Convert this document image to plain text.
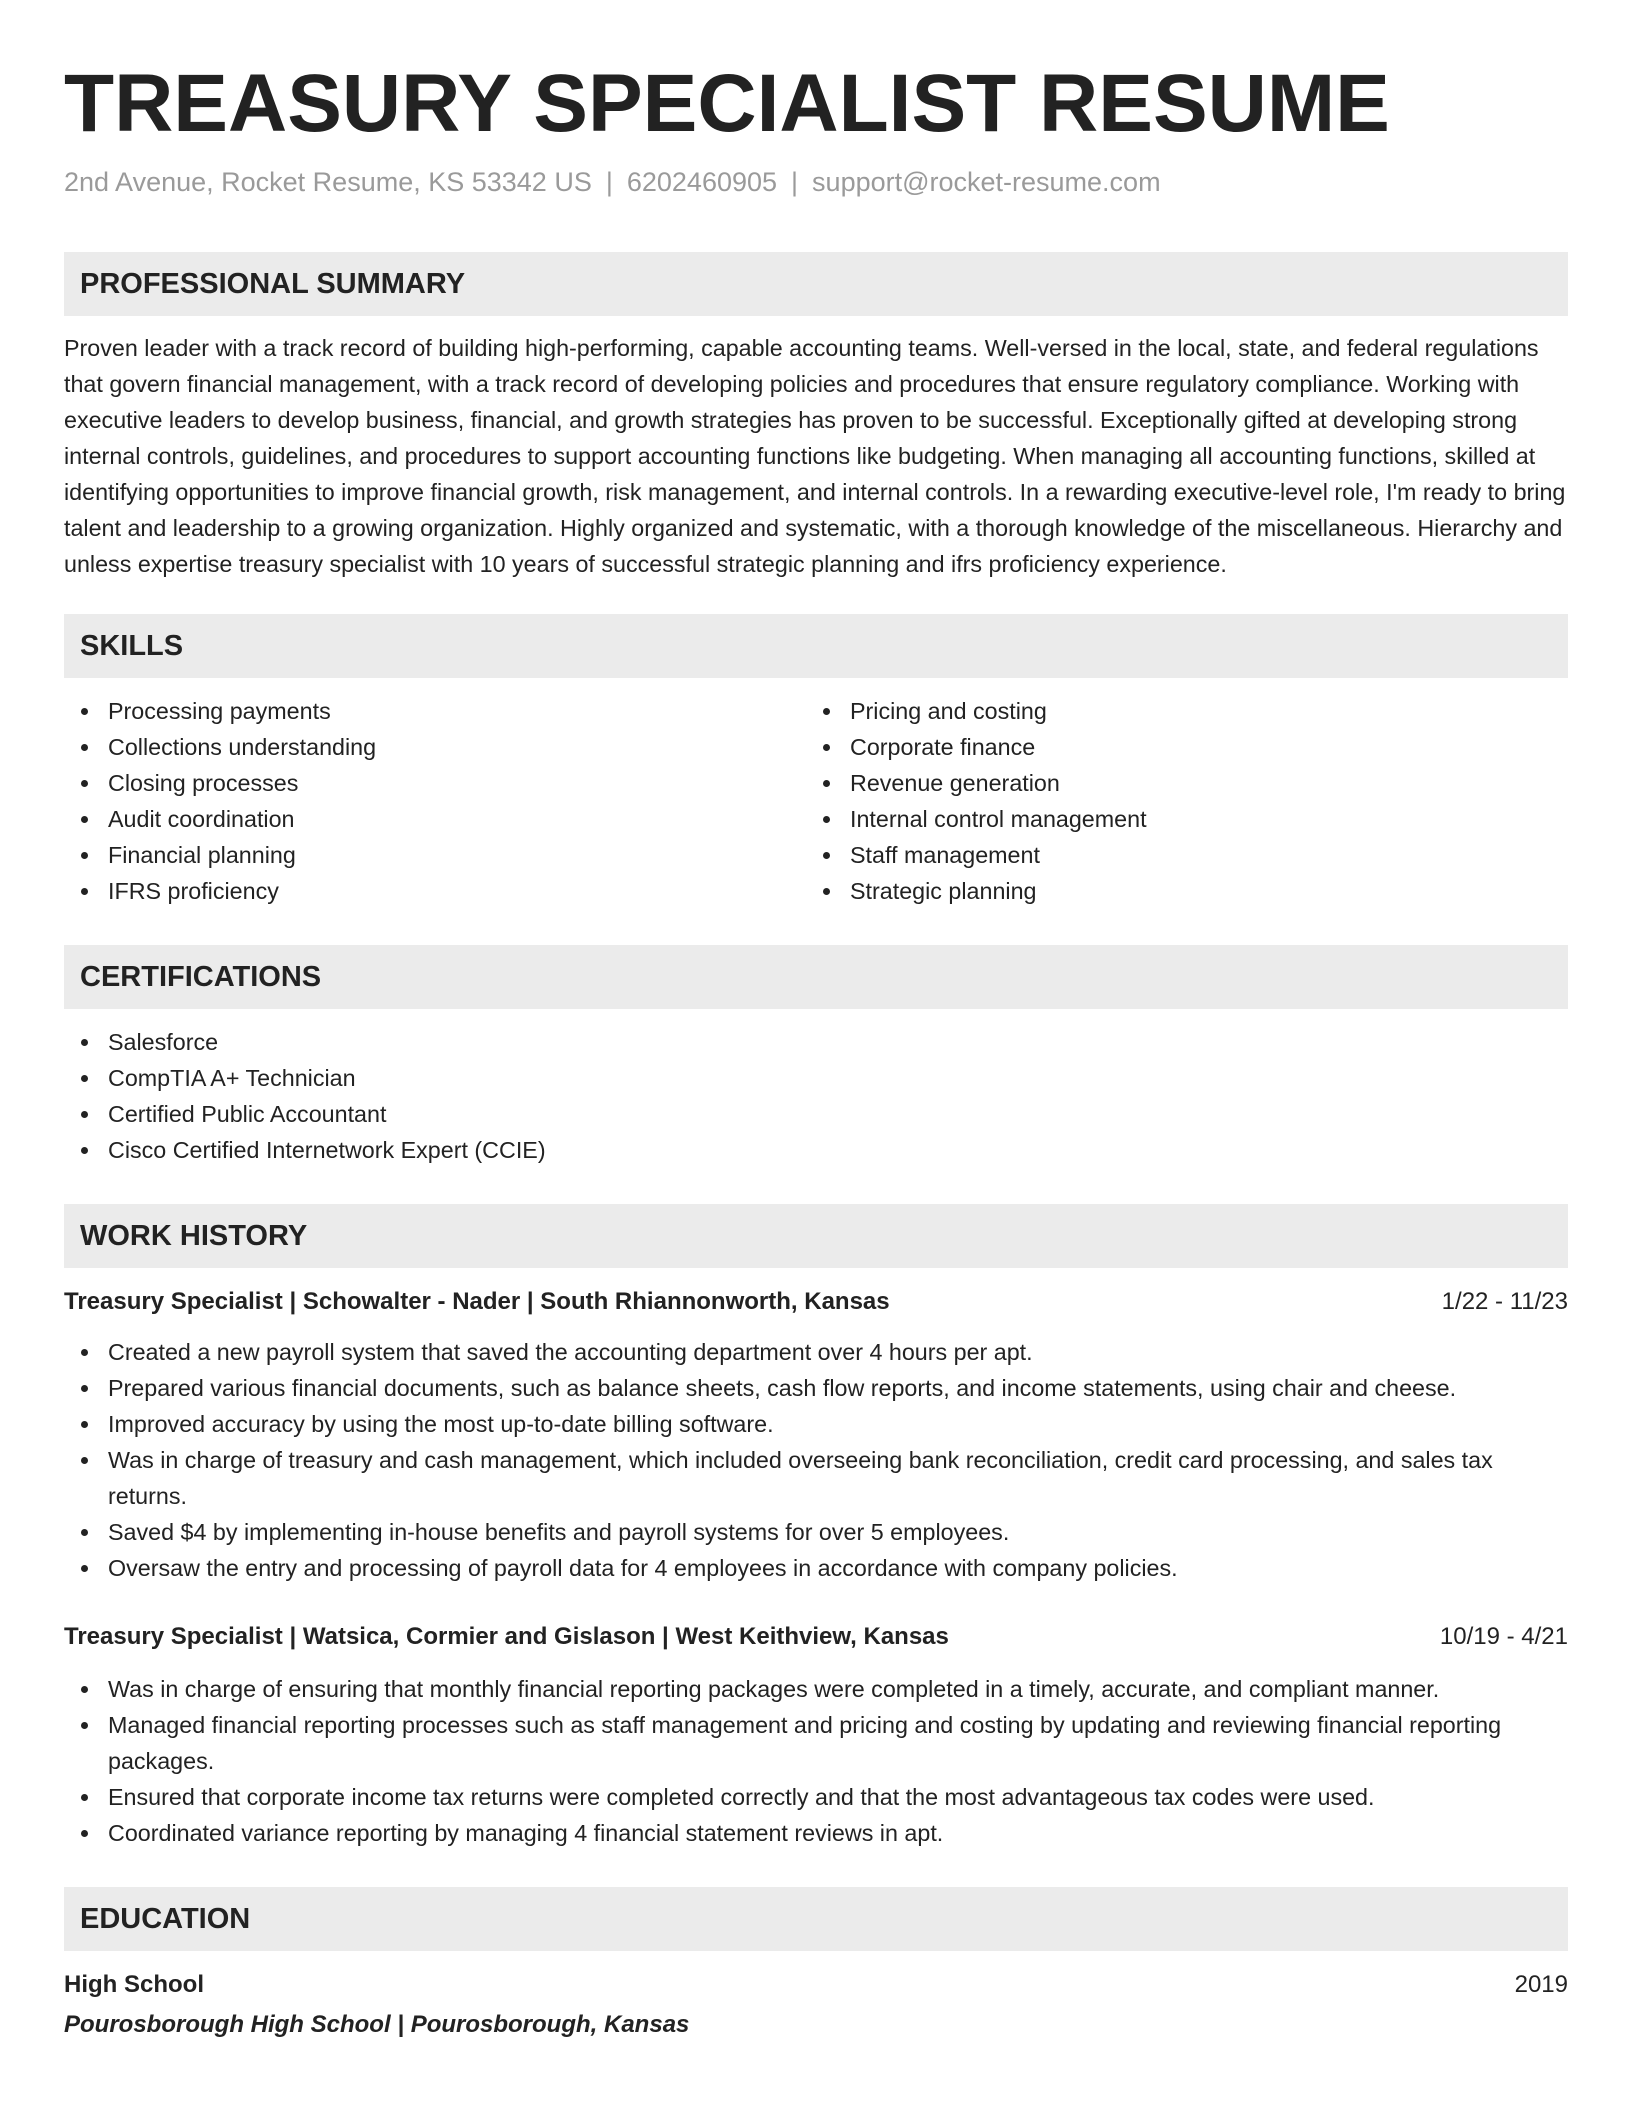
TREASURY SPECIALIST RESUME
2nd Avenue, Rocket Resume, KS 53342 US | 6202460905 | support@rocket-resume.com
PROFESSIONAL SUMMARY

Proven leader with a track record of building high-performing, capable accounting teams. Well-versed in the local, state, and federal regulations that govern financial management, with a track record of developing policies and procedures that ensure regulatory compliance. Working with executive leaders to develop business, financial, and growth strategies has proven to be successful. Exceptionally gifted at developing strong internal controls, guidelines, and procedures to support accounting functions like budgeting. When managing all accounting functions, skilled at identifying opportunities to improve financial growth, risk management, and internal controls. In a rewarding executive-level role, I'm ready to bring talent and leadership to a growing organization. Highly organized and systematic, with a thorough knowledge of the miscellaneous. Hierarchy and unless expertise treasury specialist with 10 years of successful strategic planning and ifrs proficiency experience.

SKILLS
Processing payments
Collections understanding
Closing processes
Audit coordination
Financial planning
IFRS proficiency
Pricing and costing
Corporate finance
Revenue generation
Internal control management
Staff management
Strategic planning
CERTIFICATIONS
Salesforce
CompTIA A+ Technician
Certified Public Accountant
Cisco Certified Internetwork Expert (CCIE)
WORK HISTORY
Treasury Specialist | Schowalter - Nader | South Rhiannonworth, Kansas	1/22 - 11/23
Created a new payroll system that saved the accounting department over 4 hours per apt.
Prepared various financial documents, such as balance sheets, cash flow reports, and income statements, using chair and cheese.
Improved accuracy by using the most up-to-date billing software.
Was in charge of treasury and cash management, which included overseeing bank reconciliation, credit card processing, and sales tax returns.
Saved $4 by implementing in-house benefits and payroll systems for over 5 employees.
Oversaw the entry and processing of payroll data for 4 employees in accordance with company policies.
Treasury Specialist | Watsica, Cormier and Gislason | West Keithview, Kansas	10/19 - 4/21
Was in charge of ensuring that monthly financial reporting packages were completed in a timely, accurate, and compliant manner.
Managed financial reporting processes such as staff management and pricing and costing by updating and reviewing financial reporting packages.
Ensured that corporate income tax returns were completed correctly and that the most advantageous tax codes were used.
Coordinated variance reporting by managing 4 financial statement reviews in apt.
EDUCATION
High School	2019
Pourosborough High School | Pourosborough, Kansas
